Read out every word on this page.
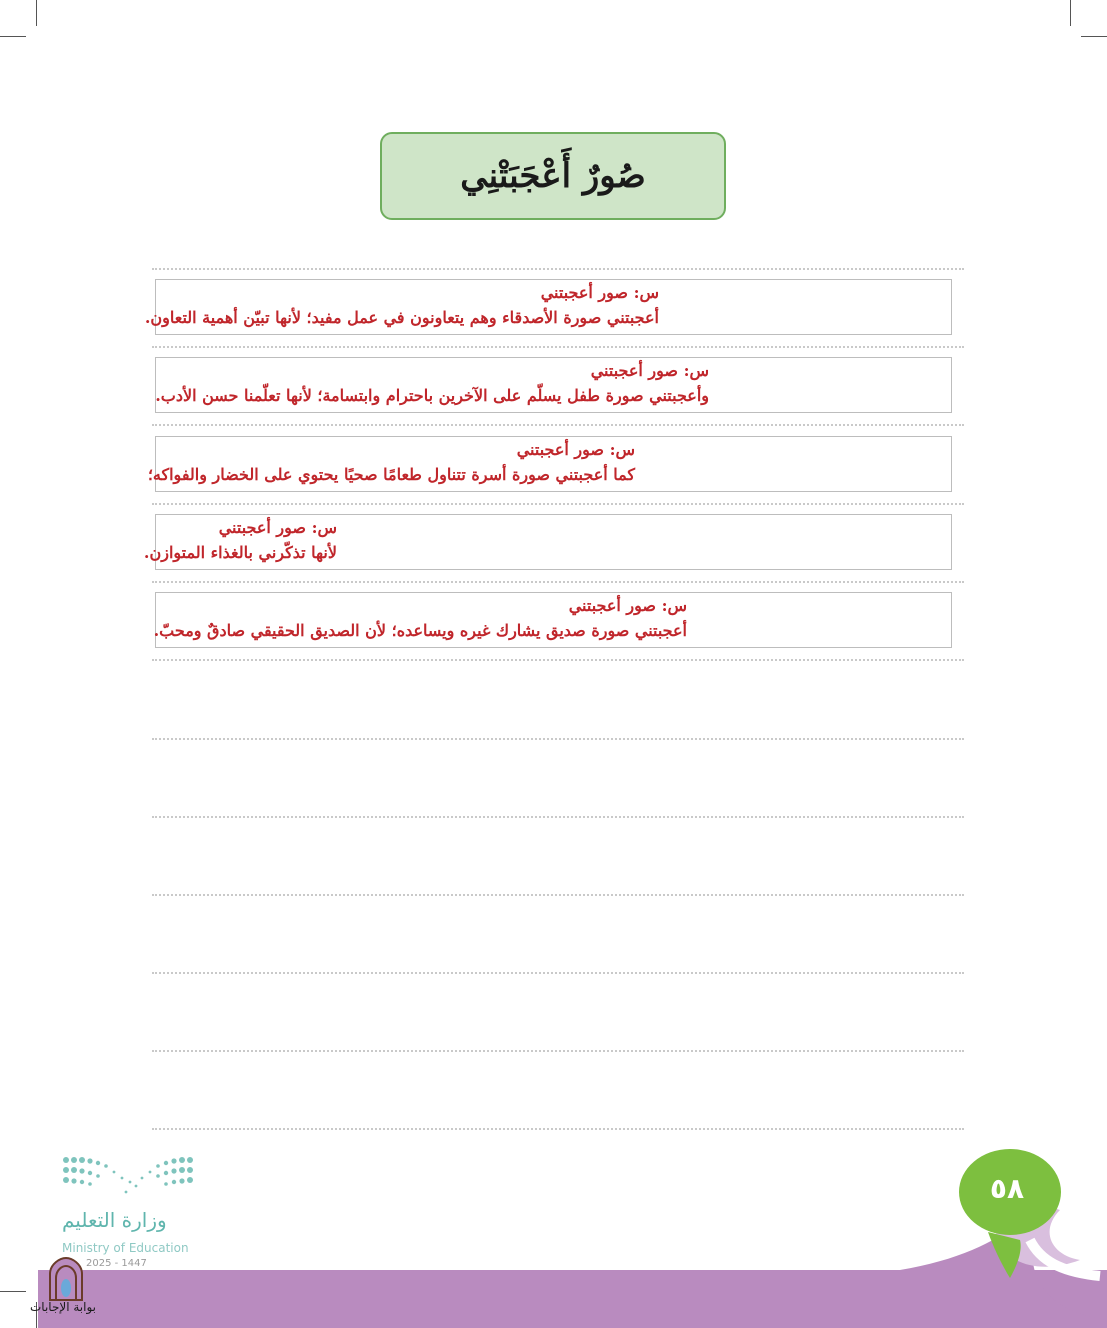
صُورٌ أَعْجَبَتْنِي
س: صور أعجبتني
أعجبتني صورة الأصدقاء وهم يتعاونون في عمل مفيد؛ لأنها تبيّن أهمية التعاون.
س: صور أعجبتني
وأعجبتني صورة طفل يسلّم على الآخرين باحترام وابتسامة؛ لأنها تعلّمنا حسن الأدب.
س: صور أعجبتني
كما أعجبتني صورة أسرة تتناول طعامًا صحيًا يحتوي على الخضار والفواكه؛
س: صور أعجبتني
لأنها تذكّرني بالغذاء المتوازن.
س: صور أعجبتني
أعجبتني صورة صديق يشارك غيره ويساعده؛ لأن الصديق الحقيقي صادقٌ ومحبّ.
وزارة التعليم
Ministry of Education
2025 - 1447
٥٨
بوابة الإجابات
